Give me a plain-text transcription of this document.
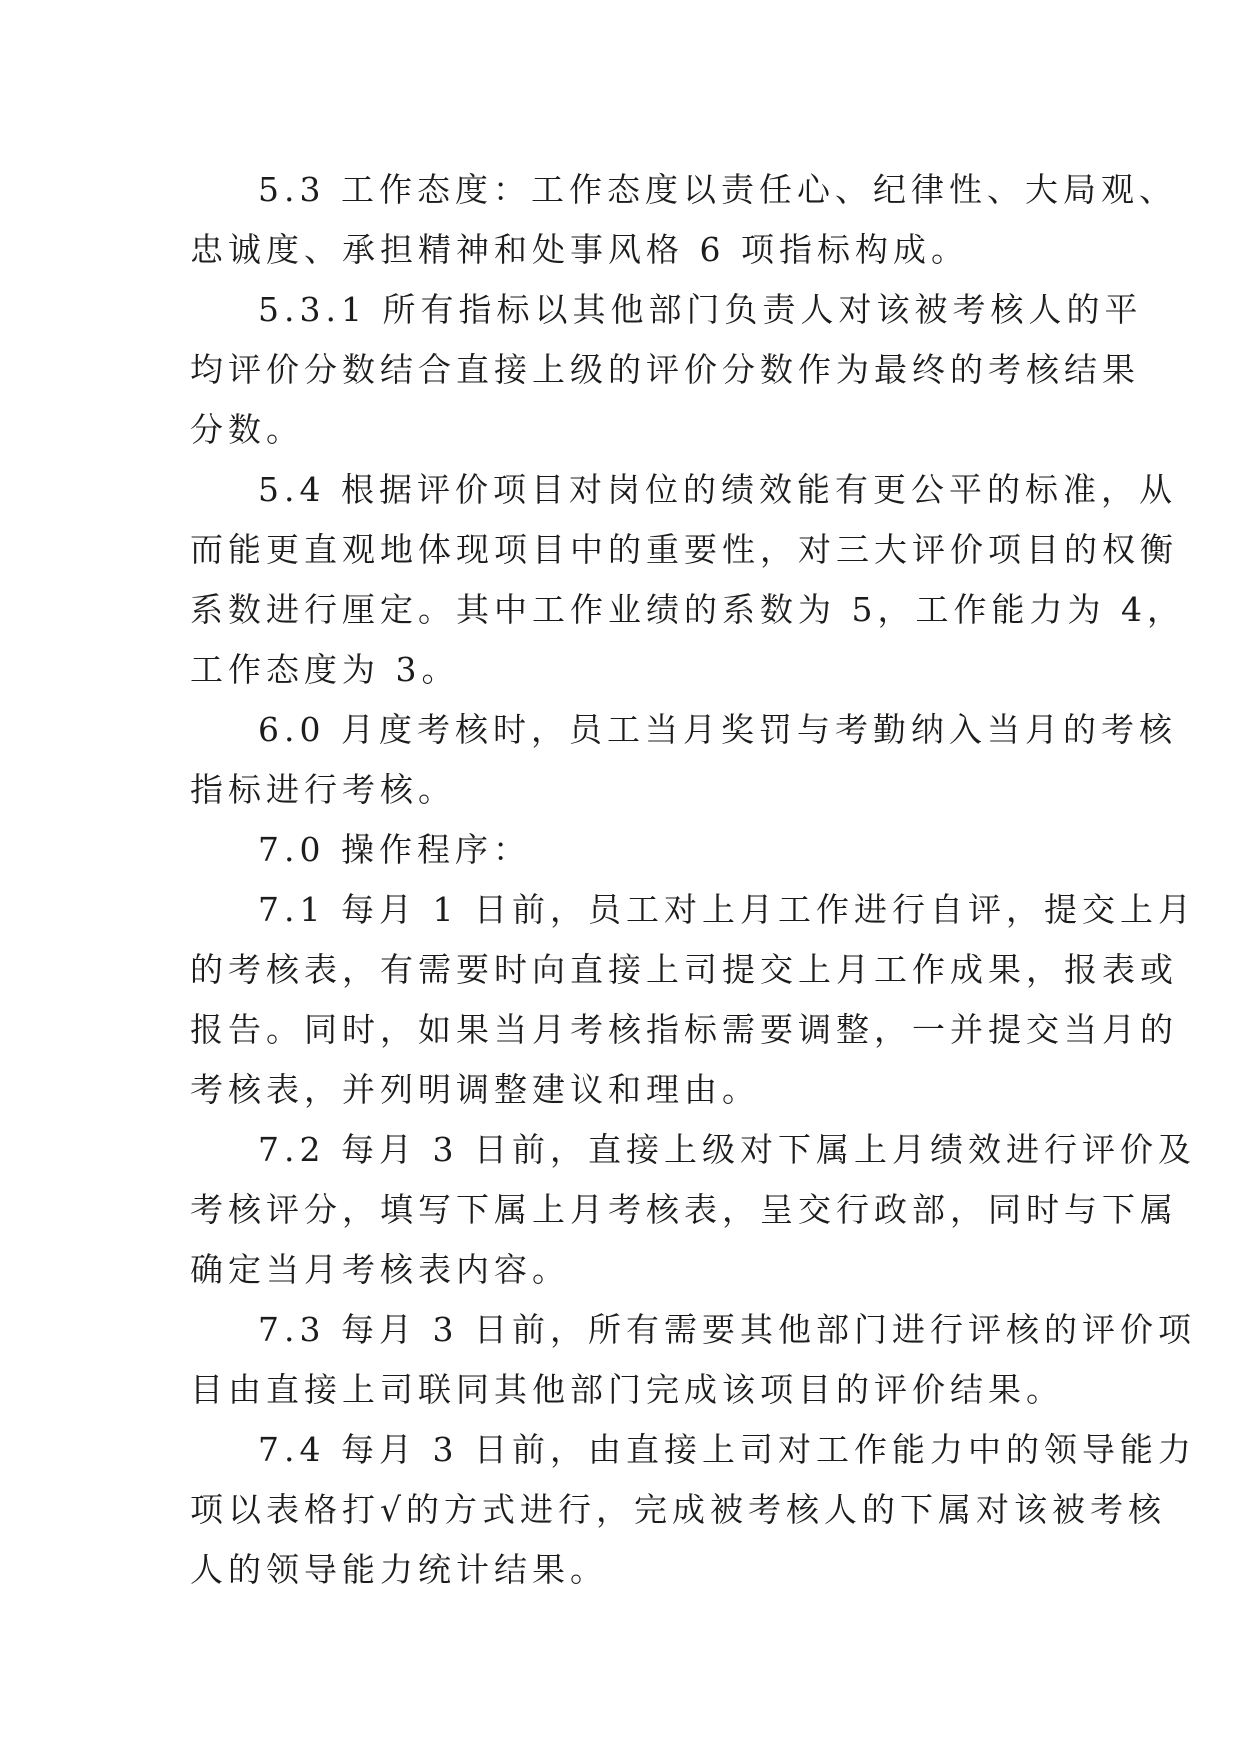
5.3 工作态度：工作态度以责任心、纪律性、大局观、
忠诚度、承担精神和处事风格 6 项指标构成。

5.3.1 所有指标以其他部门负责人对该被考核人的平
均评价分数结合直接上级的评价分数作为最终的考核结果
分数。

5.4 根据评价项目对岗位的绩效能有更公平的标准，从
而能更直观地体现项目中的重要性，对三大评价项目的权衡
系数进行厘定。其中工作业绩的系数为 5，工作能力为 4，
工作态度为 3。

6.0 月度考核时，员工当月奖罚与考勤纳入当月的考核
指标进行考核。

7.0 操作程序：

7.1 每月 1 日前，员工对上月工作进行自评，提交上月
的考核表，有需要时向直接上司提交上月工作成果，报表或
报告。同时，如果当月考核指标需要调整，一并提交当月的
考核表，并列明调整建议和理由。

7.2 每月 3 日前，直接上级对下属上月绩效进行评价及
考核评分，填写下属上月考核表，呈交行政部，同时与下属
确定当月考核表内容。

7.3 每月 3 日前，所有需要其他部门进行评核的评价项
目由直接上司联同其他部门完成该项目的评价结果。

7.4 每月 3 日前，由直接上司对工作能力中的领导能力
项以表格打√的方式进行，完成被考核人的下属对该被考核
人的领导能力统计结果。
